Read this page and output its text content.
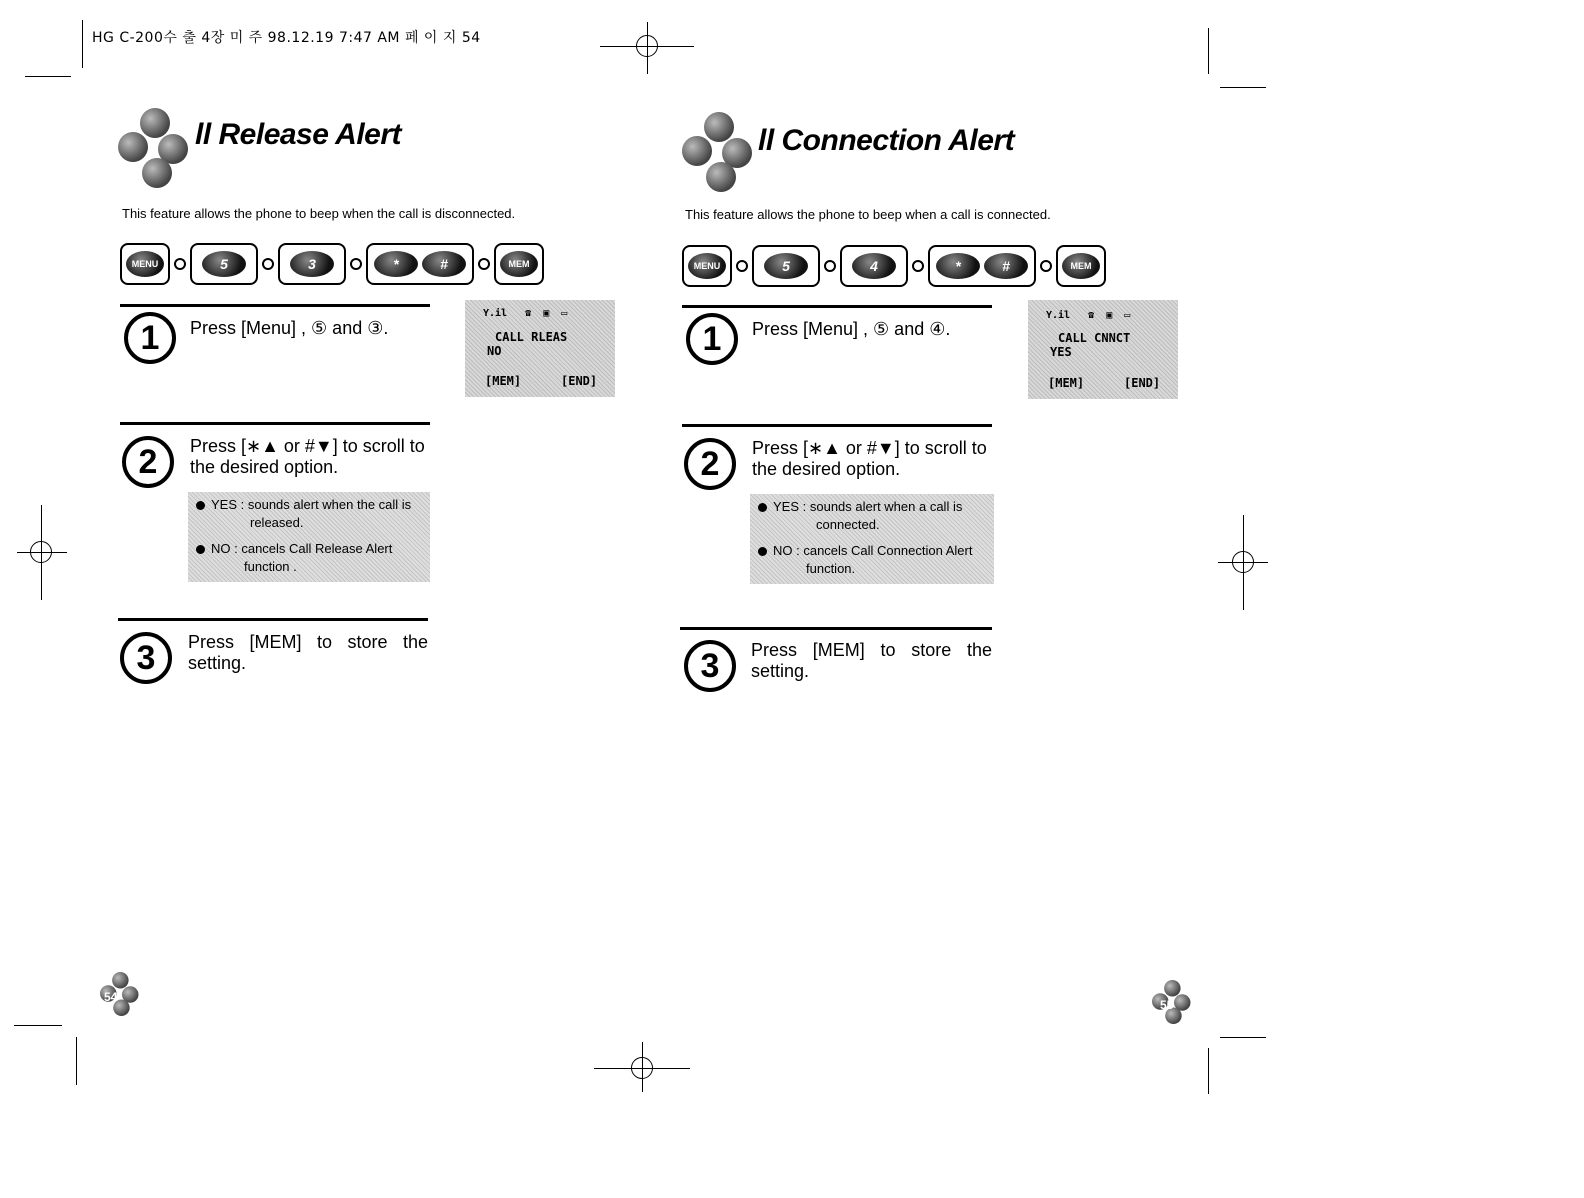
HG C-200수 출 4장 미 주 98.12.19 7:47 AM 페 이 지 54
ll Release Alert
This feature allows the phone to beep when the call is disconnected.
MENU	5	3	*	#	MEM
1	Press [Menu] , ⑤ and ③.
Y.il   ☎  ▣  ▭
CALL RLEAS
NO
[MEM]	[END]
2	Press [∗▲ or #▼] to scroll to the desired option.
YES : sounds alert when the call is
released.
NO : cancels Call Release Alert
function .
3	Press [MEM] to store the setting.
54
ll Connection Alert
This feature allows the phone to beep when a call is connected.
MENU	5	4	*	#	MEM
1	Press [Menu] , ⑤ and ④.
Y.il   ☎  ▣  ▭
CALL CNNCT
YES
[MEM]	[END]
2	Press [∗▲ or #▼] to scroll to the desired option.
YES : sounds alert when a call is
connected.
NO : cancels Call Connection Alert
function.
3	Press [MEM] to store the setting.
55
